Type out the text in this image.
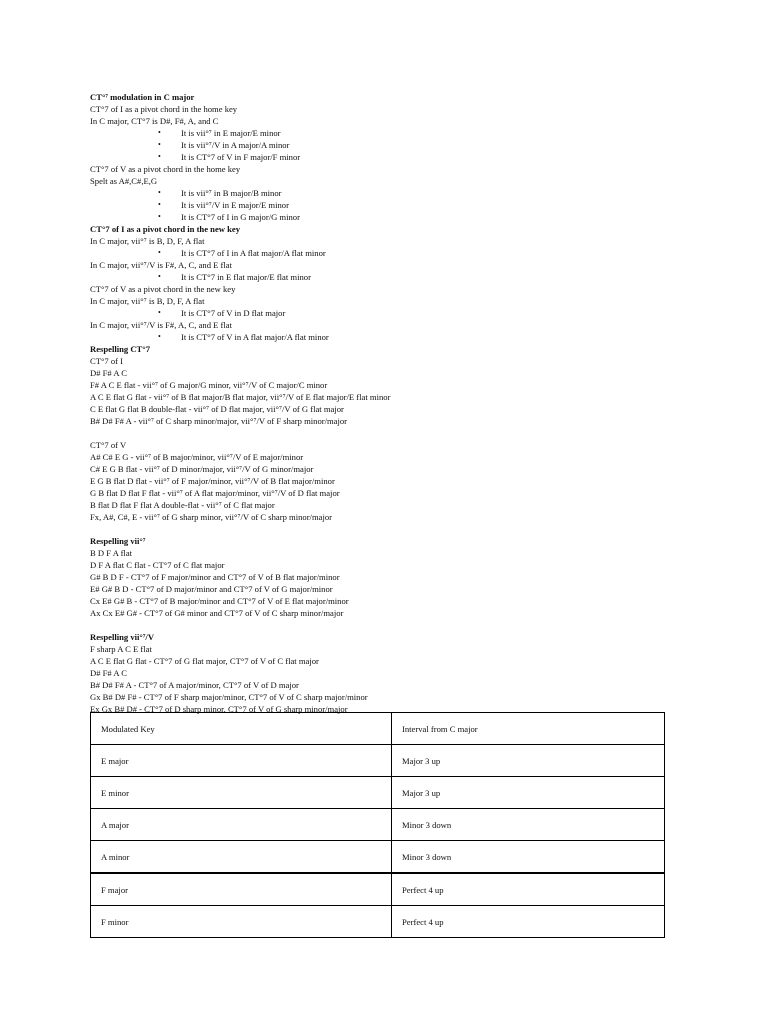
CT°⁷ modulation in C major
CT°7 of I as a pivot chord in the home key
In C major, CT°7 is D#, F#, A, and C
• It is vii°⁷ in E major/E minor
• It is vii°⁷/V in A major/A minor
• It is CT°7 of V in F major/F minor
CT°7 of V as a pivot chord in the home key
Spelt as A#,C#,E,G
• It is vii°⁷ in B major/B minor
• It is vii°⁷/V in E major/E minor
• It is CT°7 of I in G major/G minor
CT°7 of I as a pivot chord in the new key
In C major, vii°⁷ is B, D, F, A flat
• It is CT°7 of I in A flat major/A flat minor
In C major, vii°⁷/V is F#, A, C, and E flat
• It is CT°7 in E flat major/E flat minor
CT°7 of V as a pivot chord in the new key
In C major, vii°⁷ is B, D, F, A flat
• It is CT°7 of V in D flat major
In C major, vii°⁷/V is F#, A, C, and E flat
• It is CT°7 of V in A flat major/A flat minor
Respelling CT°7
CT°7 of I
D# F# A C
F# A C E flat - vii°⁷ of G major/G minor, vii°⁷/V of C major/C minor
A C E flat G flat - vii°⁷ of B flat major/B flat major, vii°⁷/V of E flat major/E flat minor
C E flat G flat B double-flat - vii°⁷ of D flat major, vii°⁷/V of G flat major
B# D# F# A - vii°⁷ of C sharp minor/major, vii°⁷/V of F sharp minor/major
CT°7 of V
A# C# E G - vii°⁷ of B major/minor, vii°⁷/V of E major/minor
C# E G B flat - vii°⁷ of D minor/major, vii°⁷/V of G minor/major
E G B flat D flat - vii°⁷ of F major/minor, vii°⁷/V of B flat major/minor
G B flat D flat F flat - vii°⁷ of A flat major/minor, vii°⁷/V of D flat major
B flat D flat F flat A double-flat - vii°⁷ of C flat major
Fx, A#, C#, E - vii°⁷ of G sharp minor, vii°⁷/V of C sharp minor/major
Respelling vii°⁷
B D F A flat
D F A flat C flat - CT°7 of C flat major
G# B D F - CT°7 of F major/minor and CT°7 of V of B flat major/minor
E# G# B D - CT°7 of D major/minor and CT°7 of V of G major/minor
Cx E# G# B - CT°7 of B major/minor and CT°7 of V of E flat major/minor
Ax Cx E# G# - CT°7 of G# minor and CT°7 of V of C sharp minor/major
Respelling vii°⁷/V
F sharp A C E flat
A C E flat G flat - CT°7 of G flat major, CT°7 of V of C flat major
D# F# A C
B# D# F# A - CT°7 of A major/minor, CT°7 of V of D major
Gx B# D# F# - CT°7 of F sharp major/minor, CT°7 of V of C sharp major/minor
Ex Gx B# D# - CT°7 of D sharp minor, CT°7 of V of G sharp minor/major
Modulated Key	Interval from C major
E major	Major 3 up
E minor	Major 3 up
A major	Minor 3 down
A minor	Minor 3 down
F major	Perfect 4 up
F minor	Perfect 4 up
